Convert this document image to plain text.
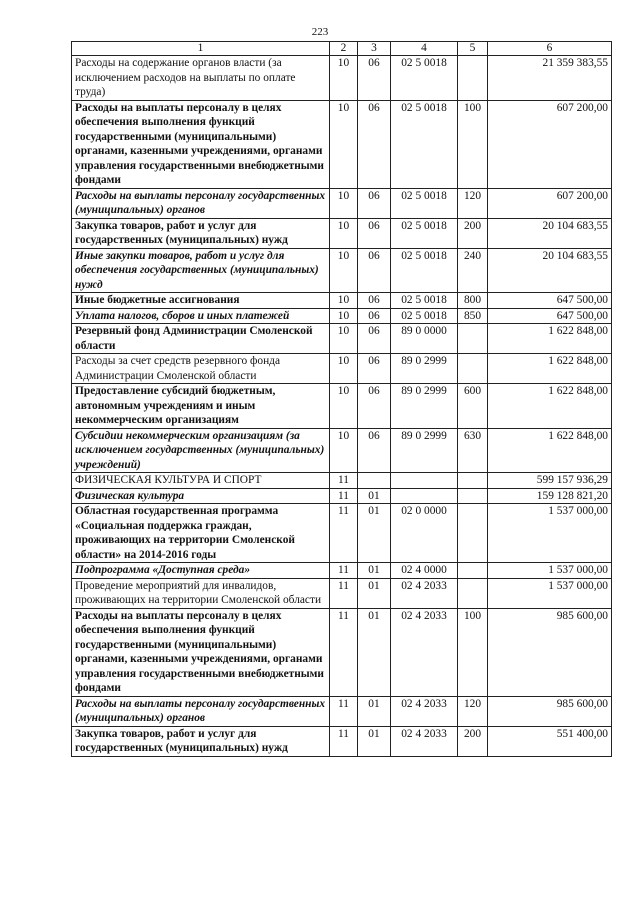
223
1	2	3	4	5	6
Расходы на содержание органов власти (за исключением расходов на выплаты по оплате труда)	10	06	02 5 0018		21 359 383,55
Расходы на выплаты персоналу в целях обеспечения выполнения функций государственными (муниципальными) органами, казенными учреждениями, органами управления государственными внебюджетными фондами	10	06	02 5 0018	100	607 200,00
Расходы на выплаты персоналу государственных (муниципальных) органов	10	06	02 5 0018	120	607 200,00
Закупка товаров, работ и услуг для государственных (муниципальных) нужд	10	06	02 5 0018	200	20 104 683,55
Иные закупки товаров, работ и услуг для обеспечения государственных (муниципальных) нужд	10	06	02 5 0018	240	20 104 683,55
Иные бюджетные ассигнования	10	06	02 5 0018	800	647 500,00
Уплата налогов, сборов и иных платежей	10	06	02 5 0018	850	647 500,00
Резервный фонд Администрации Смоленской области	10	06	89 0 0000		1 622 848,00
Расходы за счет средств резервного фонда Администрации Смоленской области	10	06	89 0 2999		1 622 848,00
Предоставление субсидий бюджетным, автономным учреждениям и иным некоммерческим организациям	10	06	89 0 2999	600	1 622 848,00
Субсидии некоммерческим организациям (за исключением государственных (муниципальных) учреждений)	10	06	89 0 2999	630	1 622 848,00
ФИЗИЧЕСКАЯ КУЛЬТУРА И СПОРТ	11				599 157 936,29
Физическая культура	11	01			159 128 821,20
Областная государственная программа «Социальная поддержка граждан, проживающих на территории Смоленской области» на 2014-2016 годы	11	01	02 0 0000		1 537 000,00
Подпрограмма «Доступная среда»	11	01	02 4 0000		1 537 000,00
Проведение мероприятий для инвалидов, проживающих на территории Смоленской области	11	01	02 4 2033		1 537 000,00
Расходы на выплаты персоналу в целях обеспечения выполнения функций государственными (муниципальными) органами, казенными учреждениями, органами управления государственными внебюджетными фондами	11	01	02 4 2033	100	985 600,00
Расходы на выплаты персоналу государственных (муниципальных) органов	11	01	02 4 2033	120	985 600,00
Закупка товаров, работ и услуг для государственных (муниципальных) нужд	11	01	02 4 2033	200	551 400,00
